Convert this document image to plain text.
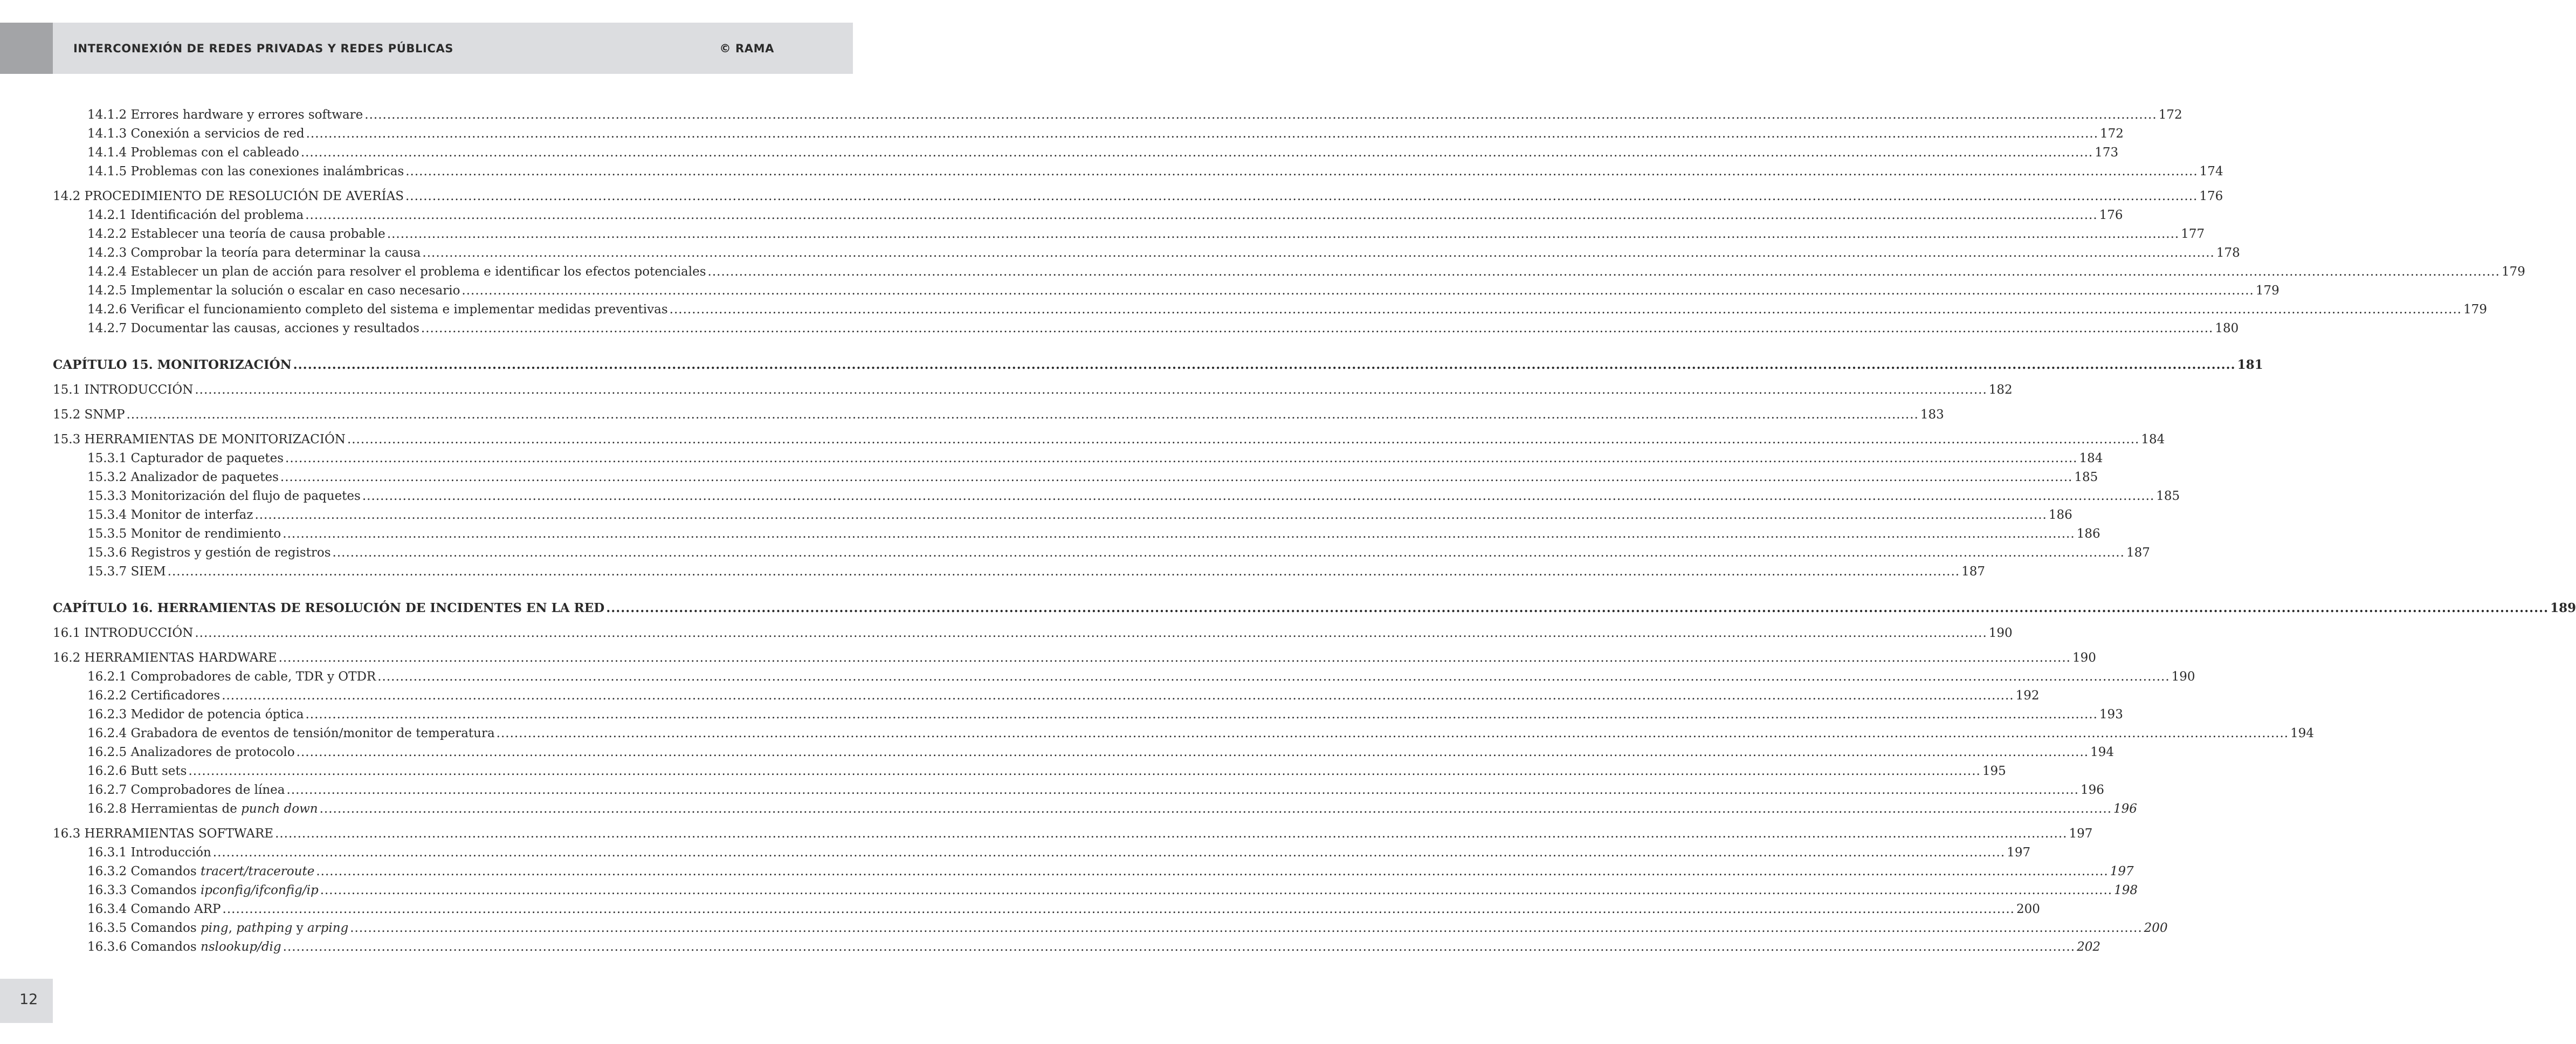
INTERCONEXIÓN DE REDES PRIVADAS Y REDES PÚBLICAS	© RAMA
14.1.2 Errores hardware y errores software ................................................................................................................................................................................................................................................................................................................................................................................................................ 172
14.1.3 Conexión a servicios de red ................................................................................................................................................................................................................................................................................................................................................................................................................ 172
14.1.4 Problemas con el cableado ................................................................................................................................................................................................................................................................................................................................................................................................................ 173
14.1.5 Problemas con las conexiones inalámbricas ................................................................................................................................................................................................................................................................................................................................................................................................................ 174
14.2 PROCEDIMIENTO DE RESOLUCIÓN DE AVERÍAS ................................................................................................................................................................................................................................................................................................................................................................................................................ 176
14.2.1 Identificación del problema ................................................................................................................................................................................................................................................................................................................................................................................................................ 176
14.2.2 Establecer una teoría de causa probable ................................................................................................................................................................................................................................................................................................................................................................................................................ 177
14.2.3 Comprobar la teoría para determinar la causa ................................................................................................................................................................................................................................................................................................................................................................................................................ 178
14.2.4 Establecer un plan de acción para resolver el problema e identificar los efectos potenciales ................................................................................................................................................................................................................................................................................................................................................................................................................ 179
14.2.5 Implementar la solución o escalar en caso necesario ................................................................................................................................................................................................................................................................................................................................................................................................................ 179
14.2.6 Verificar el funcionamiento completo del sistema e implementar medidas preventivas ................................................................................................................................................................................................................................................................................................................................................................................................................ 179
14.2.7 Documentar las causas, acciones y resultados ................................................................................................................................................................................................................................................................................................................................................................................................................ 180
CAPÍTULO 15. MONITORIZACIÓN ................................................................................................................................................................................................................................................................................................................................................................................................................ 181
15.1 INTRODUCCIÓN ................................................................................................................................................................................................................................................................................................................................................................................................................ 182
15.2 SNMP ................................................................................................................................................................................................................................................................................................................................................................................................................ 183
15.3 HERRAMIENTAS DE MONITORIZACIÓN ................................................................................................................................................................................................................................................................................................................................................................................................................ 184
15.3.1 Capturador de paquetes ................................................................................................................................................................................................................................................................................................................................................................................................................ 184
15.3.2 Analizador de paquetes ................................................................................................................................................................................................................................................................................................................................................................................................................ 185
15.3.3 Monitorización del flujo de paquetes ................................................................................................................................................................................................................................................................................................................................................................................................................ 185
15.3.4 Monitor de interfaz ................................................................................................................................................................................................................................................................................................................................................................................................................ 186
15.3.5 Monitor de rendimiento ................................................................................................................................................................................................................................................................................................................................................................................................................ 186
15.3.6 Registros y gestión de registros ................................................................................................................................................................................................................................................................................................................................................................................................................ 187
15.3.7 SIEM ................................................................................................................................................................................................................................................................................................................................................................................................................ 187
CAPÍTULO 16. HERRAMIENTAS DE RESOLUCIÓN DE INCIDENTES EN LA RED ................................................................................................................................................................................................................................................................................................................................................................................................................ 189
16.1 INTRODUCCIÓN ................................................................................................................................................................................................................................................................................................................................................................................................................ 190
16.2 HERRAMIENTAS HARDWARE ................................................................................................................................................................................................................................................................................................................................................................................................................ 190
16.2.1 Comprobadores de cable, TDR y OTDR ................................................................................................................................................................................................................................................................................................................................................................................................................ 190
16.2.2 Certificadores ................................................................................................................................................................................................................................................................................................................................................................................................................ 192
16.2.3 Medidor de potencia óptica ................................................................................................................................................................................................................................................................................................................................................................................................................ 193
16.2.4 Grabadora de eventos de tensión/monitor de temperatura ................................................................................................................................................................................................................................................................................................................................................................................................................ 194
16.2.5 Analizadores de protocolo ................................................................................................................................................................................................................................................................................................................................................................................................................ 194
16.2.6 Butt sets ................................................................................................................................................................................................................................................................................................................................................................................................................ 195
16.2.7 Comprobadores de línea ................................................................................................................................................................................................................................................................................................................................................................................................................ 196
16.2.8 Herramientas de punch down ................................................................................................................................................................................................................................................................................................................................................................................................................ 196
16.3 HERRAMIENTAS SOFTWARE ................................................................................................................................................................................................................................................................................................................................................................................................................ 197
16.3.1 Introducción ................................................................................................................................................................................................................................................................................................................................................................................................................ 197
16.3.2 Comandos tracert/traceroute ................................................................................................................................................................................................................................................................................................................................................................................................................ 197
16.3.3 Comandos ipconfig/ifconfig/ip ................................................................................................................................................................................................................................................................................................................................................................................................................ 198
16.3.4 Comando ARP ................................................................................................................................................................................................................................................................................................................................................................................................................ 200
16.3.5 Comandos ping, pathping y arping ................................................................................................................................................................................................................................................................................................................................................................................................................ 200
16.3.6 Comandos nslookup/dig ................................................................................................................................................................................................................................................................................................................................................................................................................ 202
12
